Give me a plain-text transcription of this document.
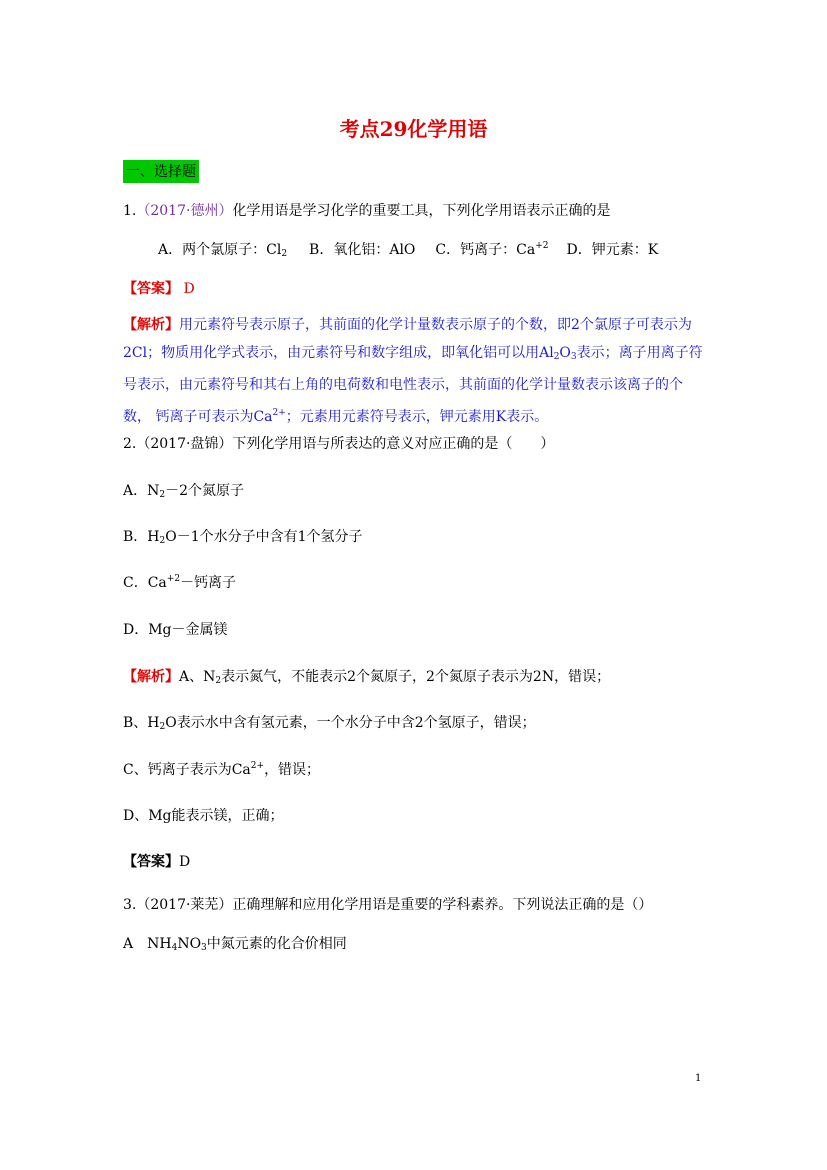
考点29化学用语
一、选择题
1.（2017·德州）化学用语是学习化学的重要工具，下列化学用语表示正确的是
A．两个氯原子：$Cl_2$ B．氧化铝：AlO C．钙离子：$Ca^{+2}$ D．钾元素：K
【答案】 D
【解析】用元素符号表示原子，其前面的化学计量数表示原子的个数，即2个氯原子可表示为2Cl；物质用化学式表示，由元素符号和数字组成，即氧化铝可以用$Al_2O_3$表示；离子用离子符号表示，由元素符号和其右上角的电荷数和电性表示，其前面的化学计量数表示该离子的个数， 钙离子可表示为$Ca^{2+}$；元素用元素符号表示，钾元素用K表示。
2.（2017·盘锦）下列化学用语与所表达的意义对应正确的是（　　）
A．$N_2-2$个氮原子
B．$H_2O-1$个水分子中含有1个氢分子
C．$Ca^{+2}-$钙离子
D．Mg－金属镁
【解析】A、$N_2$表示氮气，不能表示2个氮原子，2个氮原子表示为2N，错误；
B、$H_2O$表示水中含有氢元素，一个水分子中含2个氢原子，错误；
C、钙离子表示为$Ca^{2+}$，错误；
D、Mg能表示镁，正确；
【答案】D
3.（2017·莱芜）正确理解和应用化学用语是重要的学科素养。下列说法正确的是（）
A　$NH_4NO_3$中氮元素的化合价相同
1
